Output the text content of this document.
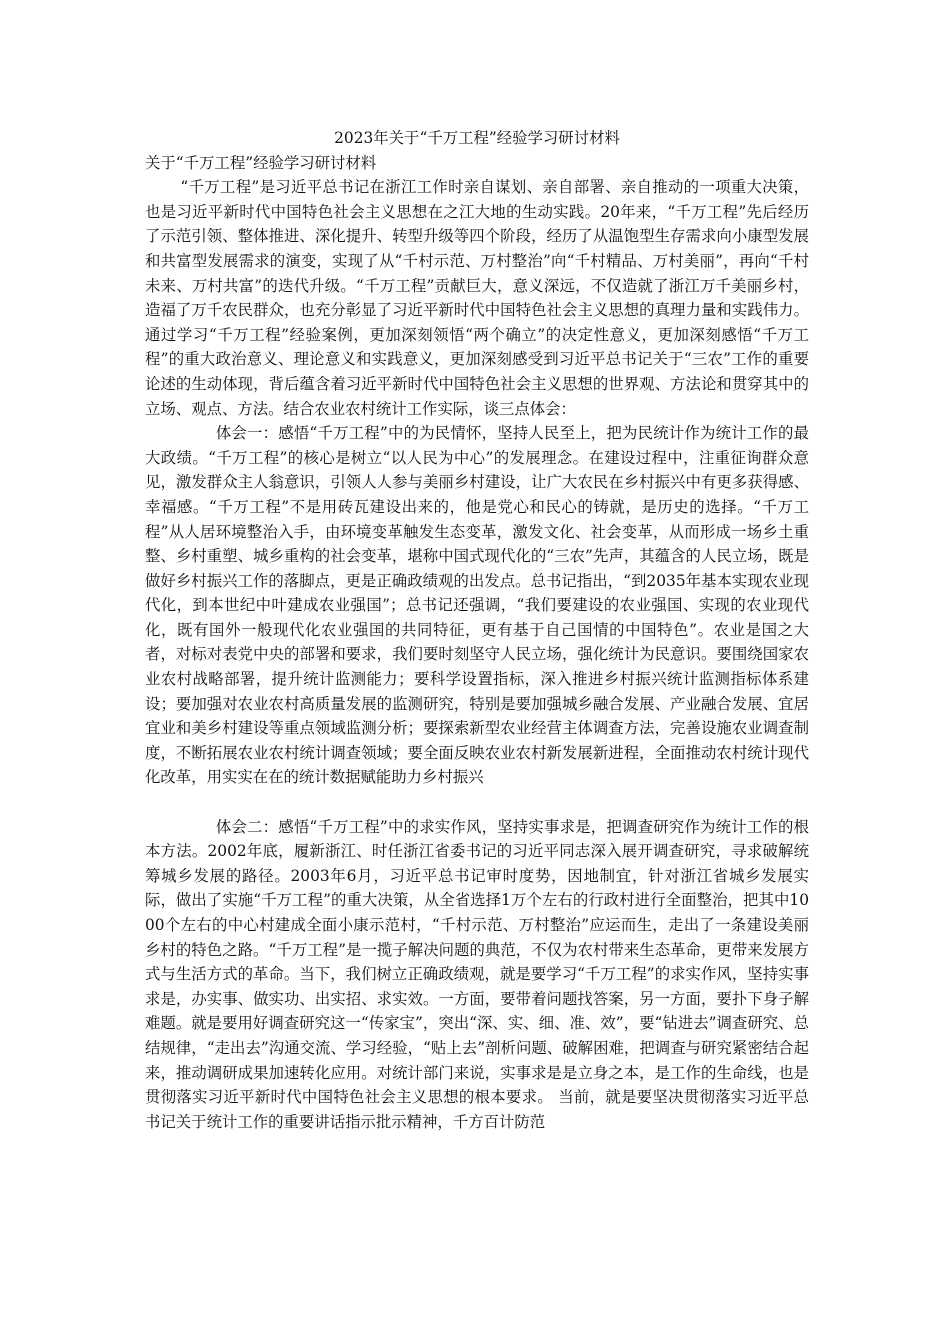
2023年关于“千万工程”经验学习研讨材料
关于“千万工程”经验学习研讨材料

“千万工程”是习近平总书记在浙江工作时亲自谋划、亲自部署、亲自推动的一项重大决策，也是习近平新时代中国特色社会主义思想在之江大地的生动实践。20年来，“千万工程”先后经历了示范引领、整体推进、深化提升、转型升级等四个阶段，经历了从温饱型生存需求向小康型发展和共富型发展需求的演变，实现了从“千村示范、万村整治”向“千村精品、万村美丽”，再向“千村未来、万村共富”的迭代升级。“千万工程”贡献巨大，意义深远，不仅造就了浙江万千美丽乡村，造福了万千农民群众，也充分彰显了习近平新时代中国特色社会主义思想的真理力量和实践伟力。通过学习“千万工程”经验案例，更加深刻领悟“两个确立”的决定性意义，更加深刻感悟“千万工程”的重大政治意义、理论意义和实践意义，更加深刻感受到习近平总书记关于“三农”工作的重要论述的生动体现，背后蕴含着习近平新时代中国特色社会主义思想的世界观、方法论和贯穿其中的立场、观点、方法。结合农业农村统计工作实际，谈三点体会：

体会一：感悟“千万工程”中的为民情怀，坚持人民至上，把为民统计作为统计工作的最大政绩。“千万工程”的核心是树立“以人民为中心”的发展理念。在建设过程中，注重征询群众意见，激发群众主人翁意识，引领人人参与美丽乡村建设，让广大农民在乡村振兴中有更多获得感、幸福感。“千万工程”不是用砖瓦建设出来的，他是党心和民心的铸就，是历史的选择。“千万工程”从人居环境整治入手，由环境变革触发生态变革，激发文化、社会变革，从而形成一场乡土重整、乡村重塑、城乡重构的社会变革，堪称中国式现代化的“三农”先声，其蕴含的人民立场，既是做好乡村振兴工作的落脚点，更是正确政绩观的出发点。总书记指出，“到2035年基本实现农业现代化，到本世纪中叶建成农业强国”；总书记还强调，“我们要建设的农业强国、实现的农业现代化，既有国外一般现代化农业强国的共同特征，更有基于自己国情的中国特色”。农业是国之大者，对标对表党中央的部署和要求，我们要时刻坚守人民立场，强化统计为民意识。要围绕国家农业农村战略部署，提升统计监测能力；要科学设置指标，深入推进乡村振兴统计监测指标体系建设；要加强对农业农村高质量发展的监测研究，特别是要加强城乡融合发展、产业融合发展、宜居宜业和美乡村建设等重点领域监测分析；要探索新型农业经营主体调查方法，完善设施农业调查制度，不断拓展农业农村统计调查领域；要全面反映农业农村新发展新进程，全面推动农村统计现代化改革，用实实在在的统计数据赋能助力乡村振兴

体会二：感悟“千万工程”中的求实作风，坚持实事求是，把调查研究作为统计工作的根本方法。2002年底，履新浙江、时任浙江省委书记的习近平同志深入展开调查研究，寻求破解统筹城乡发展的路径。2003年6月，习近平总书记审时度势，因地制宜，针对浙江省城乡发展实际，做出了实施“千万工程”的重大决策，从全省选择1万个左右的行政村进行全面整治，把其中1000个左右的中心村建成全面小康示范村，“千村示范、万村整治”应运而生，走出了一条建设美丽乡村的特色之路。“千万工程”是一揽子解决问题的典范，不仅为农村带来生态革命，更带来发展方式与生活方式的革命。当下，我们树立正确政绩观，就是要学习“千万工程”的求实作风，坚持实事求是，办实事、做实功、出实招、求实效。一方面，要带着问题找答案，另一方面，要扑下身子解难题。就是要用好调查研究这一“传家宝”，突出“深、实、细、准、效”，要“钻进去”调查研究、总结规律，“走出去”沟通交流、学习经验，“贴上去”剖析问题、破解困难，把调查与研究紧密结合起来，推动调研成果加速转化应用。对统计部门来说，实事求是是立身之本，是工作的生命线，也是贯彻落实习近平新时代中国特色社会主义思想的根本要求。 当前，就是要坚决贯彻落实习近平总书记关于统计工作的重要讲话指示批示精神，千方百计防范
